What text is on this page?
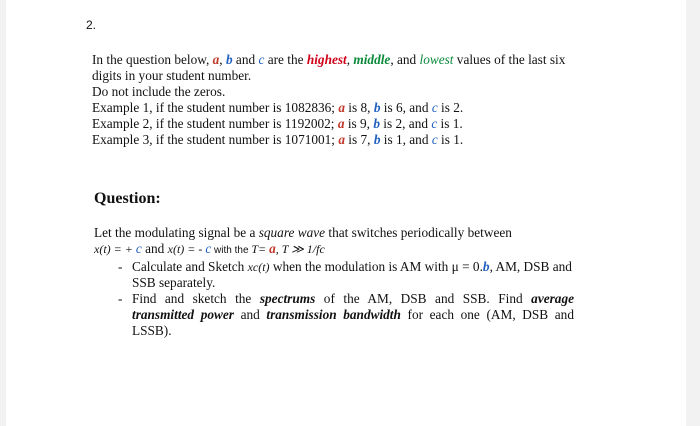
2.

In the question below, a, b and c are the highest, middle, and lowest values of the last six digits in your student number.

Do not include the zeros.

Example 1, if the student number is 1082836; a is 8, b is 6, and c is 2.

Example 2, if the student number is 1192002; a is 9, b is 2, and c is 1.

Example 3, if the student number is 1071001; a is 7, b is 1, and c is 1.

Question:

Let the modulating signal be a square wave that switches periodically between

x(t) = + c and x(t) = - c with the T= a, T ≫ 1/fc

- Calculate and Sketch xc(t) when the modulation is AM with μ = 0.b, AM, DSB and SSB separately.
- Find and sketch the spectrums of the AM, DSB and SSB. Find average transmitted power and transmission bandwidth for each one (AM, DSB and LSSB).
